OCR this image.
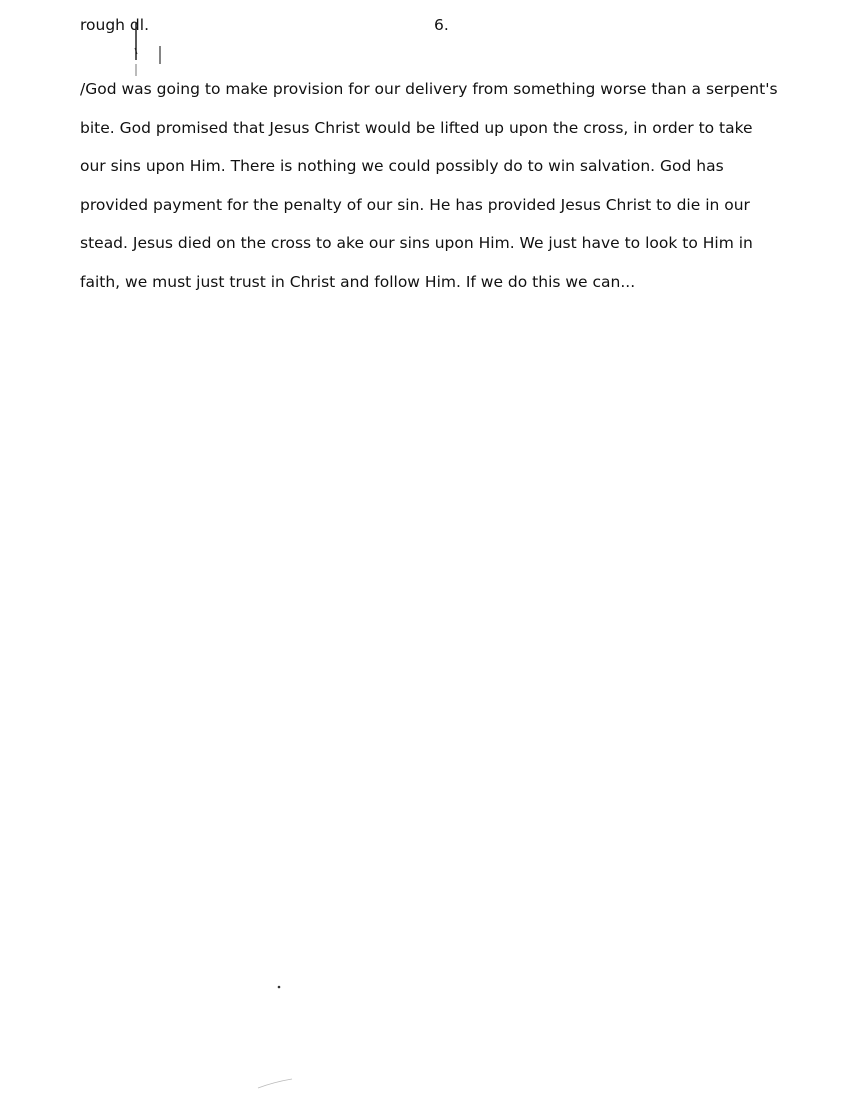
rough dl.	6.
/God was going to make provision for our delivery from something worse than a serpent's
bite. God promised that Jesus Christ would be lifted up upon the cross, in order to take
our sins upon Him. There is nothing we could possibly do to win salvation. God has
provided payment for the penalty of our sin. He has provided Jesus Christ to die in our
stead. Jesus died on the cross to ake our sins upon Him. We just have to look to Him in
faith, we must just trust in Christ and follow Him. If we do this we can...
